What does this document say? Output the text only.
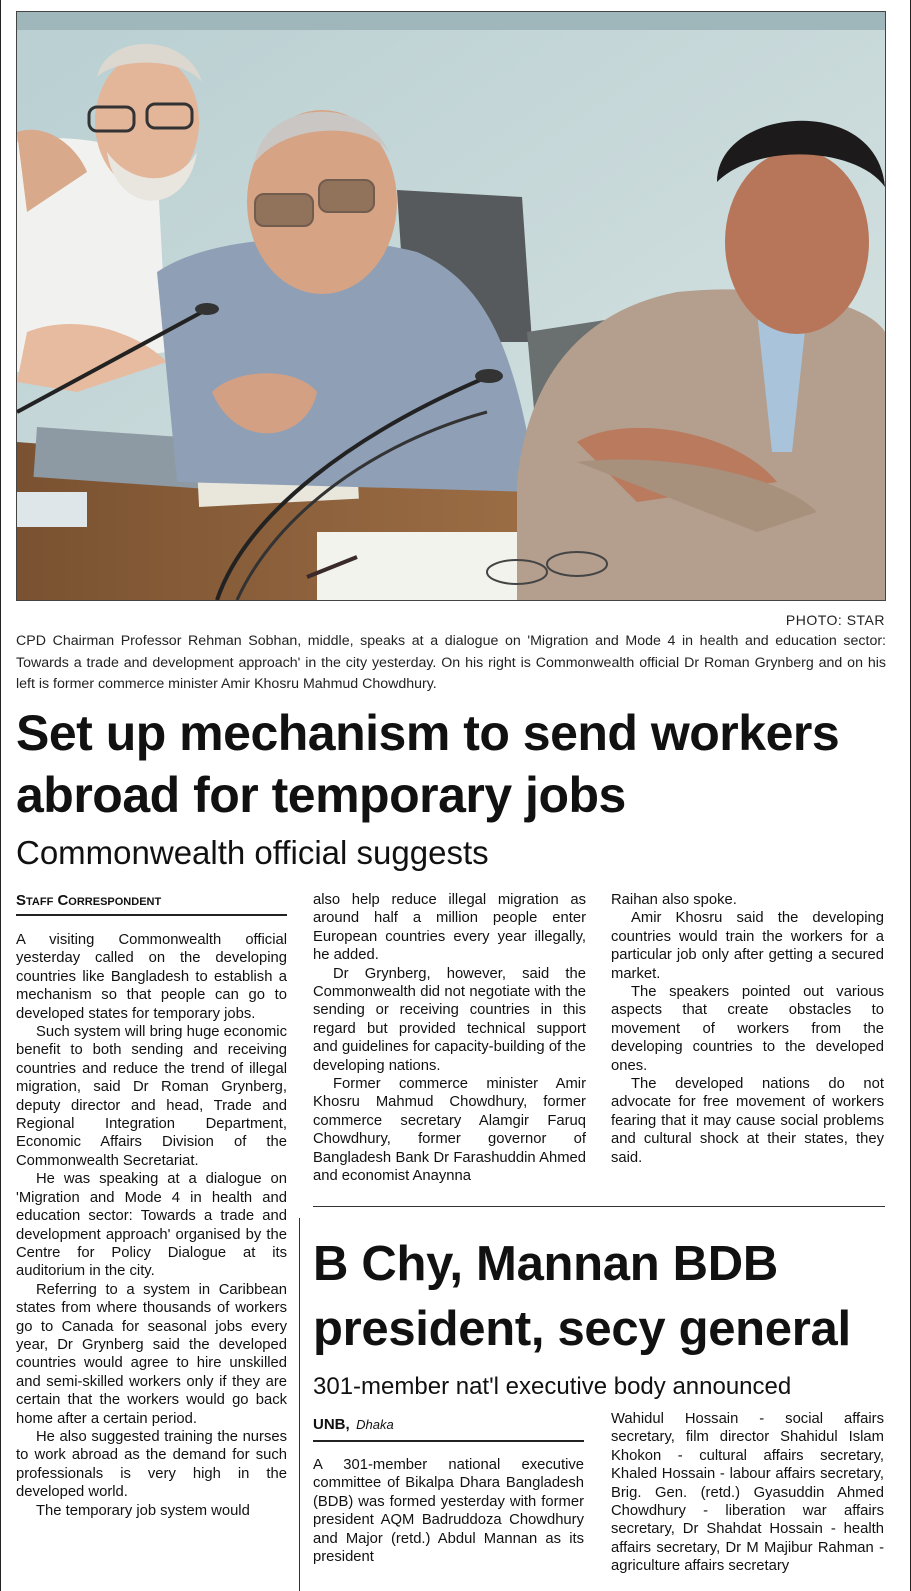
PHOTO: STAR
CPD Chairman Professor Rehman Sobhan, middle, speaks at a dialogue on 'Migration and Mode 4 in health and education sector: Towards a trade and development approach' in the city yesterday. On his right is Commonwealth official Dr Roman Grynberg and on his left is former commerce minister Amir Khosru Mahmud Chowdhury.
Set up mechanism to send workers abroad for temporary jobs
Commonwealth official suggests
Staff Correspondent

A visiting Commonwealth official yesterday called on the developing countries like Bangladesh to establish a mechanism so that people can go to developed states for temporary jobs.

Such system will bring huge economic benefit to both sending and receiving countries and reduce the trend of illegal migration, said Dr Roman Grynberg, deputy director and head, Trade and Regional Integration Department, Economic Affairs Division of the Commonwealth Secretariat.

He was speaking at a dialogue on 'Migration and Mode 4 in health and education sector: Towards a trade and development approach' organised by the Centre for Policy Dialogue at its auditorium in the city.

Referring to a system in Caribbean states from where thousands of workers go to Canada for seasonal jobs every year, Dr Grynberg said the developed countries would agree to hire unskilled and semi-skilled workers only if they are certain that the workers would go back home after a certain period.

He also suggested training the nurses to work abroad as the demand for such professionals is very high in the developed world.

The temporary job system would

also help reduce illegal migration as around half a million people enter European countries every year illegally, he added.

Dr Grynberg, however, said the Commonwealth did not negotiate with the sending or receiving countries in this regard but provided technical support and guidelines for capacity-building of the developing nations.

Former commerce minister Amir Khosru Mahmud Chowdhury, former commerce secretary Alamgir Faruq Chowdhury, former governor of Bangladesh Bank Dr Farashuddin Ahmed and economist Anaynna

Raihan also spoke.

Amir Khosru said the developing countries would train the workers for a particular job only after getting a secured market.

The speakers pointed out various aspects that create obstacles to movement of workers from the developing countries to the developed ones.

The developed nations do not advocate for free movement of workers fearing that it may cause social problems and cultural shock at their states, they said.

B Chy, Mannan BDB president, secy general
301-member nat'l executive body announced
UNB, Dhaka

A 301-member national executive committee of Bikalpa Dhara Bangladesh (BDB) was formed yesterday with former president AQM Badruddoza Chowdhury and Major (retd.) Abdul Mannan as its president

Wahidul Hossain - social affairs secretary, film director Shahidul Islam Khokon - cultural affairs secretary, Khaled Hossain - labour affairs secretary, Brig. Gen. (retd.) Gyasuddin Ahmed Chowdhury - liberation war affairs secretary, Dr Shahdat Hossain - health affairs secretary, Dr M Majibur Rahman - agriculture affairs secretary
